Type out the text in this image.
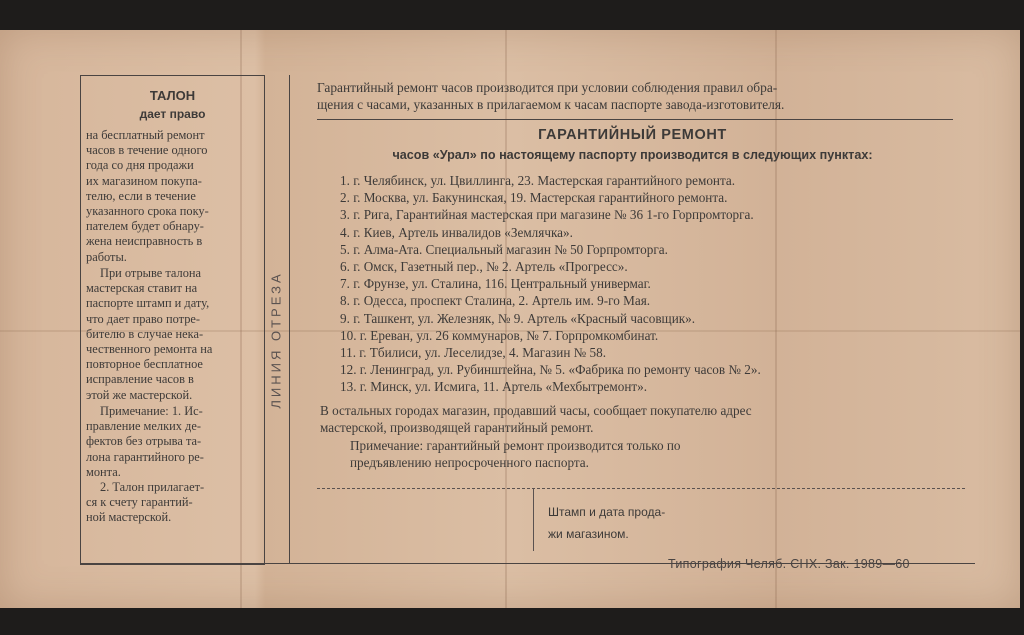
ТАЛОН
дает право
на бесплатный ремонт
часов в течение одного
года со дня продажи
их магазином покупа-
телю, если в течение
указанного срока поку-
пателем будет обнару-
жена неисправность в
работы.
При отрыве талона
мастерская ставит на
паспорте штамп и дату,
что дает право потре-
бителю в случае нека-
чественного ремонта на
повторное бесплатное
исправление часов в
этой же мастерской.
Примечание: 1. Ис-
правление мелких де-
фектов без отрыва та-
лона гарантийного ре-
монта.
2. Талон прилагает-
ся к счету гарантий-
ной мастерской.
ЛИНИЯ ОТРЕЗА
Гарантийный ремонт часов производится при условии соблюдения правил обра-
щения с часами, указанных в прилагаемом к часам паспорте завода-изготовителя.
ГАРАНТИЙНЫЙ РЕМОНТ
часов «Урал» по настоящему паспорту производится в следующих пунктах:
1. г. Челябинск, ул. Цвиллинга, 23. Мастерская гарантийного ремонта.
2. г. Москва, ул. Бакунинская, 19. Мастерская гарантийного ремонта.
3. г. Рига, Гарантийная мастерская при магазине № 36 1-го Горпромторга.
4. г. Киев, Артель инвалидов «Землячка».
5. г. Алма-Ата. Специальный магазин № 50 Горпромторга.
6. г. Омск, Газетный пер., № 2. Артель «Прогресс».
7. г. Фрунзе, ул. Сталина, 116. Центральный универмаг.
8. г. Одесса, проспект Сталина, 2. Артель им. 9-го Мая.
9. г. Ташкент, ул. Железняк, № 9. Артель «Красный часовщик».
10. г. Ереван, ул. 26 коммунаров, № 7. Горпромкомбинат.
11. г. Тбилиси, ул. Леселидзе, 4. Магазин № 58.
12. г. Ленинград, ул. Рубинштейна, № 5. «Фабрика по ремонту часов № 2».
13. г. Минск, ул. Исмига, 11. Артель «Мехбытремонт».
В остальных городах магазин, продавший часы, сообщает покупателю адрес
мастерской, производящей гарантийный ремонт.
Примечание: гарантийный ремонт производится только по
предъявлению непросроченного паспорта.
Штамп и дата прода-
жи магазином.
Типография Челяб. СНХ. Зак. 1989—60
